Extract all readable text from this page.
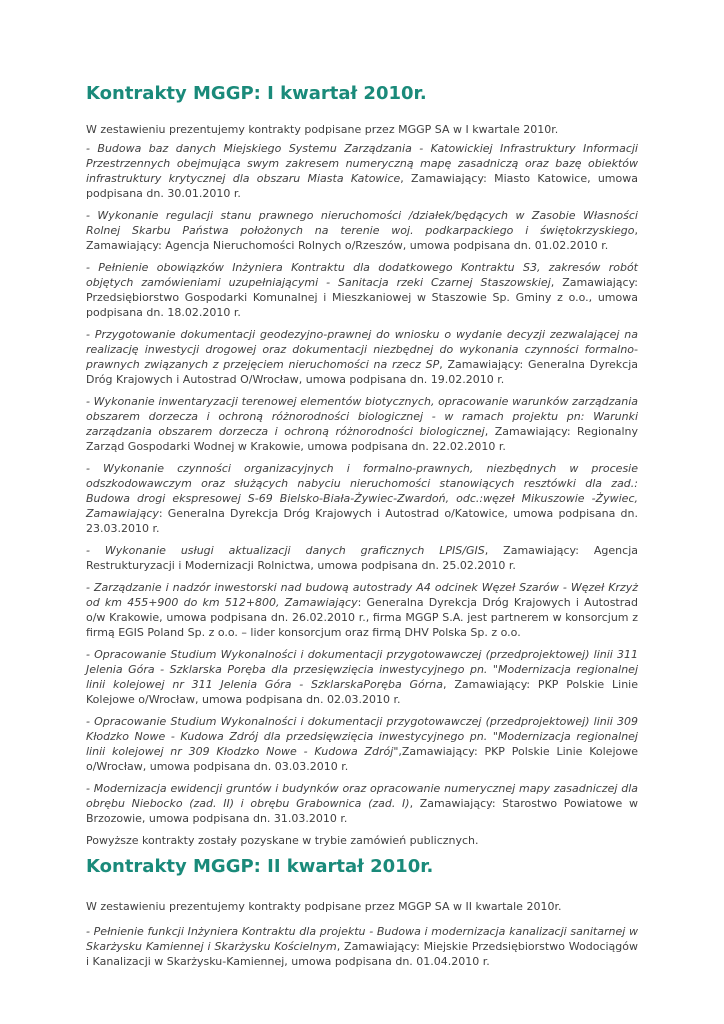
Kontrakty MGGP: I kwartał 2010r.

W zestawieniu prezentujemy kontrakty podpisane przez MGGP SA w I kwartale 2010r.

- Budowa baz danych Miejskiego Systemu Zarządzania - Katowickiej Infrastruktury Informacji Przestrzennych obejmująca swym zakresem numeryczną mapę zasadniczą oraz bazę obiektów infrastruktury krytycznej dla obszaru Miasta Katowice, Zamawiający: Miasto Katowice, umowa podpisana dn. 30.01.2010 r.

- Wykonanie regulacji stanu prawnego nieruchomości /działek/będących w Zasobie Własności Rolnej Skarbu Państwa położonych na terenie woj. podkarpackiego i świętokrzyskiego, Zamawiający: Agencja Nieruchomości Rolnych o/Rzeszów, umowa podpisana dn. 01.02.2010 r.

- Pełnienie obowiązków Inżyniera Kontraktu dla dodatkowego Kontraktu S3, zakresów robót objętych zamówieniami uzupełniającymi - Sanitacja rzeki Czarnej Staszowskiej, Zamawiający: Przedsiębiorstwo Gospodarki Komunalnej i Mieszkaniowej w Staszowie Sp. Gminy z o.o., umowa podpisana dn. 18.02.2010 r.

- Przygotowanie dokumentacji geodezyjno-prawnej do wniosku o wydanie decyzji zezwalającej na realizację inwestycji drogowej oraz dokumentacji niezbędnej do wykonania czynności formalno-prawnych związanych z przejęciem nieruchomości na rzecz SP, Zamawiający: Generalna Dyrekcja Dróg Krajowych i Autostrad O/Wrocław, umowa podpisana dn. 19.02.2010 r.

- Wykonanie inwentaryzacji terenowej elementów biotycznych, opracowanie warunków zarządzania obszarem dorzecza i ochroną różnorodności biologicznej - w ramach projektu pn: Warunki zarządzania obszarem dorzecza i ochroną różnorodności biologicznej, Zamawiający: Regionalny Zarząd Gospodarki Wodnej w Krakowie, umowa podpisana dn. 22.02.2010 r.

- Wykonanie czynności organizacyjnych i formalno-prawnych, niezbędnych w procesie odszkodowawczym oraz służących nabyciu nieruchomości stanowiących resztówki dla zad.: Budowa drogi ekspresowej S-69 Bielsko-Biała-Żywiec-Zwardoń, odc.:węzeł Mikuszowie -Żywiec, Zamawiający: Generalna Dyrekcja Dróg Krajowych i Autostrad o/Katowice, umowa podpisana dn. 23.03.2010 r.

- Wykonanie usługi aktualizacji danych graficznych LPIS/GIS, Zamawiający: Agencja Restrukturyzacji i Modernizacji Rolnictwa, umowa podpisana dn. 25.02.2010 r.

- Zarządzanie i nadzór inwestorski nad budową autostrady A4 odcinek Węzeł Szarów - Węzeł Krzyż od km 455+900 do km 512+800, Zamawiający: Generalna Dyrekcja Dróg Krajowych i Autostrad o/w Krakowie, umowa podpisana dn. 26.02.2010 r., firma MGGP S.A. jest partnerem w konsorcjum z firmą EGIS Poland Sp. z o.o. – lider konsorcjum oraz firmą DHV Polska Sp. z o.o.

- Opracowanie Studium Wykonalności i dokumentacji przygotowawczej (przedprojektowej) linii 311 Jelenia Góra - Szklarska Poręba dla przesięwzięcia inwestycyjnego pn. "Modernizacja regionalnej linii kolejowej nr 311 Jelenia Góra - SzklarskaPoręba Górna, Zamawiający: PKP Polskie Linie Kolejowe o/Wrocław, umowa podpisana dn. 02.03.2010 r.

- Opracowanie Studium Wykonalności i dokumentacji przygotowawczej (przedprojektowej) linii 309 Kłodzko Nowe - Kudowa Zdrój dla przedsięwzięcia inwestycyjnego pn. "Modernizacja regionalnej linii kolejowej nr 309 Kłodzko Nowe - Kudowa Zdrój",Zamawiający: PKP Polskie Linie Kolejowe o/Wrocław, umowa podpisana dn. 03.03.2010 r.

- Modernizacja ewidencji gruntów i budynków oraz opracowanie numerycznej mapy zasadniczej dla obrębu Niebocko (zad. II) i obrębu Grabownica (zad. I), Zamawiający: Starostwo Powiatowe w Brzozowie, umowa podpisana dn. 31.03.2010 r.

Powyższe kontrakty zostały pozyskane w trybie zamówień publicznych.

Kontrakty MGGP: II kwartał 2010r.

W zestawieniu prezentujemy kontrakty podpisane przez MGGP SA w II kwartale 2010r.

- Pełnienie funkcji Inżyniera Kontraktu dla projektu - Budowa i modernizacja kanalizacji sanitarnej w Skarżysku Kamiennej i Skarżysku Kościelnym, Zamawiający: Miejskie Przedsiębiorstwo Wodociągów i Kanalizacji w Skarżysku-Kamiennej, umowa podpisana dn. 01.04.2010 r.
